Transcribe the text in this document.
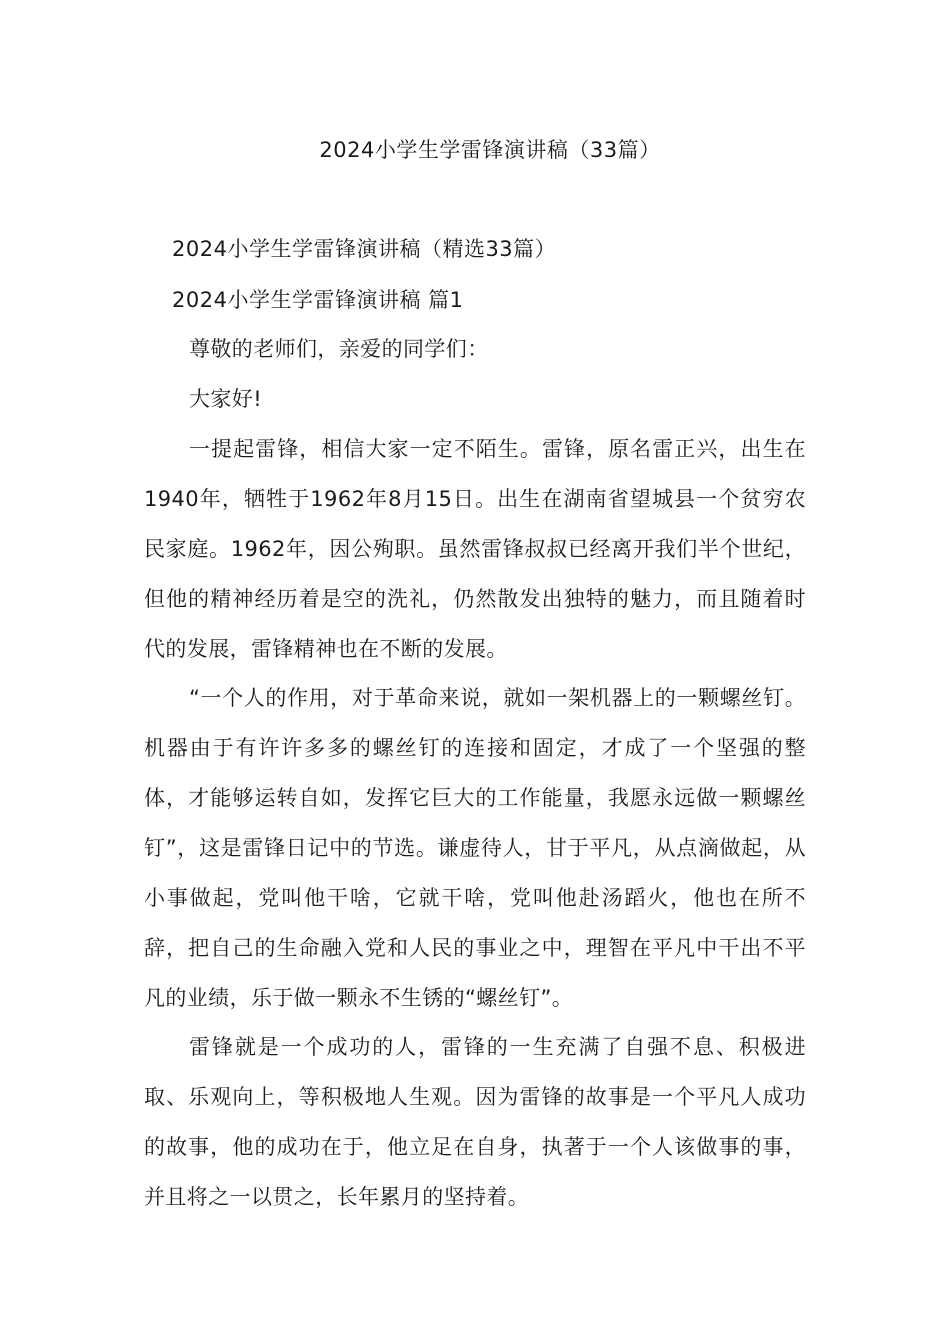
2024小学生学雷锋演讲稿（33篇）
2024小学生学雷锋演讲稿（精选33篇）
2024小学生学雷锋演讲稿 篇1

尊敬的老师们，亲爱的同学们：

大家好!

一提起雷锋，相信大家一定不陌生。雷锋，原名雷正兴，出生在1940年，牺牲于1962年8月15日。出生在湖南省望城县一个贫穷农民家庭。1962年，因公殉职。虽然雷锋叔叔已经离开我们半个世纪，但他的精神经历着是空的洗礼，仍然散发出独特的魅力，而且随着时代的发展，雷锋精神也在不断的发展。

“一个人的作用，对于革命来说，就如一架机器上的一颗螺丝钉。机器由于有许许多多的螺丝钉的连接和固定，才成了一个坚强的整体，才能够运转自如，发挥它巨大的工作能量，我愿永远做一颗螺丝钉”，这是雷锋日记中的节选。谦虚待人，甘于平凡，从点滴做起，从小事做起，党叫他干啥，它就干啥，党叫他赴汤蹈火，他也在所不辞，把自己的生命融入党和人民的事业之中，理智在平凡中干出不平凡的业绩，乐于做一颗永不生锈的“螺丝钉”。

雷锋就是一个成功的人，雷锋的一生充满了自强不息、积极进取、乐观向上，等积极地人生观。因为雷锋的故事是一个平凡人成功的故事，他的成功在于，他立足在自身，执著于一个人该做事的事，并且将之一以贯之，长年累月的坚持着。
